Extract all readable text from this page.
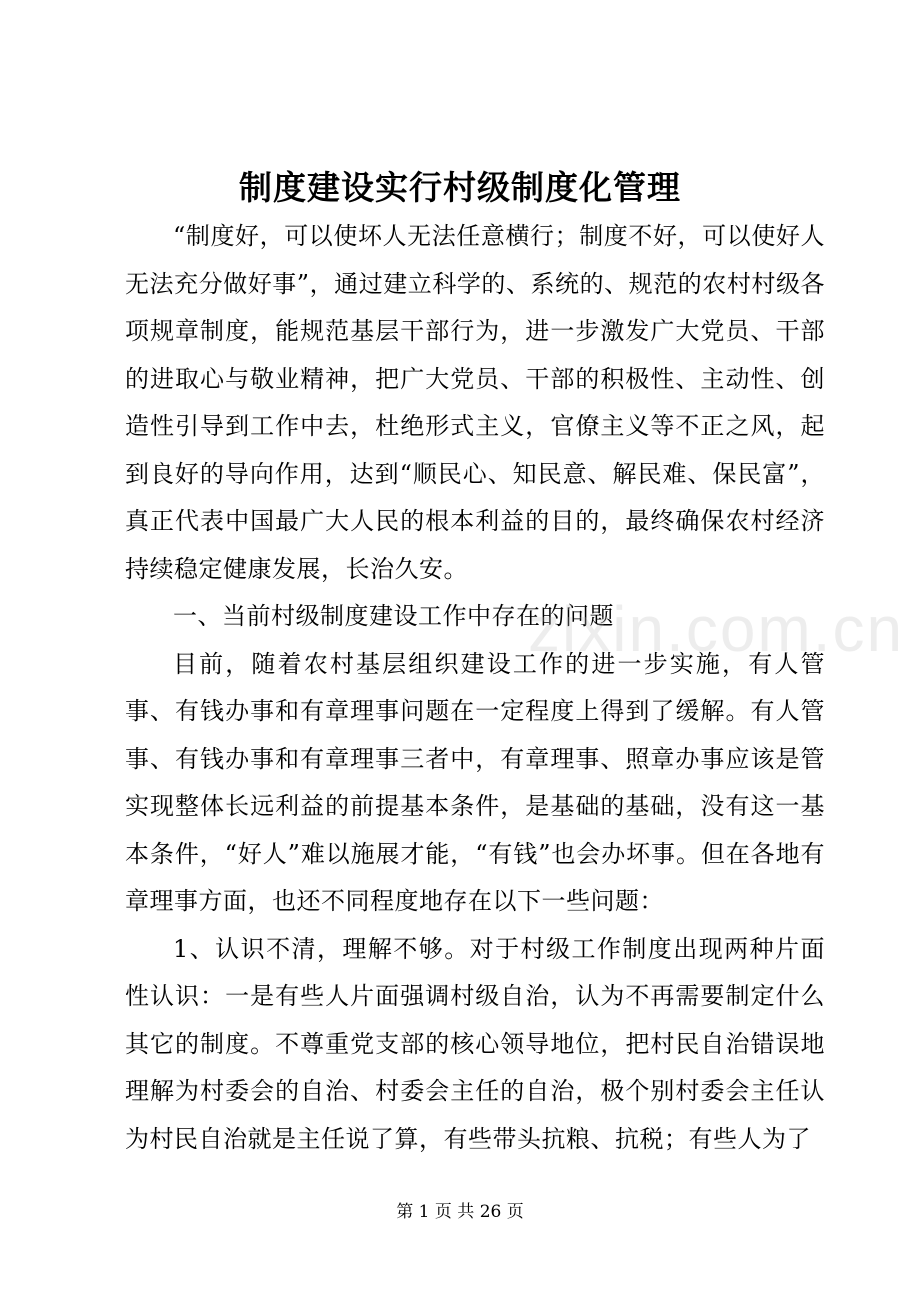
制度建设实行村级制度化管理

“制度好，可以使坏人无法任意横行；制度不好，可以使好人无法充分做好事”，通过建立科学的、系统的、规范的农村村级各项规章制度，能规范基层干部行为，进一步激发广大党员、干部的进取心与敬业精神，把广大党员、干部的积极性、主动性、创造性引导到工作中去，杜绝形式主义，官僚主义等不正之风，起到良好的导向作用，达到“顺民心、知民意、解民难、保民富”，真正代表中国最广大人民的根本利益的目的，最终确保农村经济持续稳定健康发展，长治久安。

一、当前村级制度建设工作中存在的问题

目前，随着农村基层组织建设工作的进一步实施，有人管事、有钱办事和有章理事问题在一定程度上得到了缓解。有人管事、有钱办事和有章理事三者中，有章理事、照章办事应该是管实现整体长远利益的前提基本条件，是基础的基础，没有这一基本条件，“好人”难以施展才能，“有钱”也会办坏事。但在各地有章理事方面，也还不同程度地存在以下一些问题：

1、认识不清，理解不够。对于村级工作制度出现两种片面性认识：一是有些人片面强调村级自治，认为不再需要制定什么其它的制度。不尊重党支部的核心领导地位，把村民自治错误地理解为村委会的自治、村委会主任的自治，极个别村委会主任认为村民自治就是主任说了算，有些带头抗粮、抗税；有些人为了

zixin.com.cn
第 1 页 共 26 页
